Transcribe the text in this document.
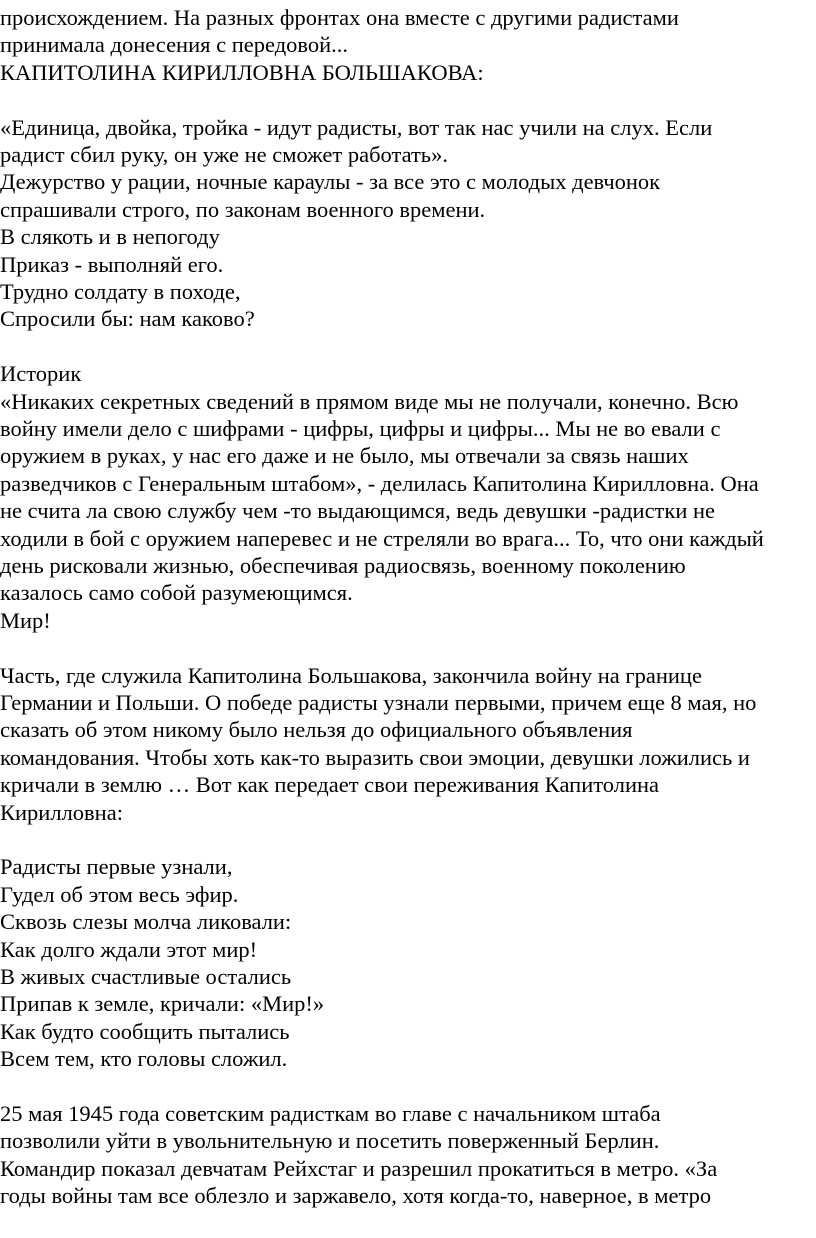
происхождением. На разных фронтах она вместе с другими радистами
принимала донесения с передовой...
КАПИТОЛИНА КИРИЛЛОВНА БОЛЬШАКОВА:
«Единица, двойка, тройка - идут радисты, вот так нас учили на слух. Если
радист сбил руку, он уже не сможет работать».
Дежурство у рации, ночные караулы - за все это с молодых девчонок
спрашивали строго, по законам военного времени.
В слякоть и в непогоду
Приказ - выполняй его.
Трудно солдату в походе,
Спросили бы: нам каково?
Историк
«Никаких секретных сведений в прямом виде мы не получали, конечно. Всю
войну имели дело с шифрами - цифры, цифры и цифры... Мы не во евали с
оружием в руках, у нас его даже и не было, мы отвечали за связь наших
разведчиков с Генеральным штабом», - делилась Капитолина Кирилловна. Она
не счита ла свою службу чем -то выдающимся, ведь девушки -радистки не
ходили в бой с оружием наперевес и не стреляли во врага... То, что они каждый
день рисковали жизнью, обеспечивая радиосвязь, военному поколению
казалось само собой разумеющимся.
Мир!
Часть, где служила Капитолина Большакова, закончила войну на границе
Германии и Польши. О победе радисты узнали первыми, причем еще 8 мая, но
сказать об этом никому было нельзя до официального объявления
командования. Чтобы хоть как-то выразить свои эмоции, девушки ложились и
кричали в землю … Вот как передает свои переживания Капитолина
Кирилловна:
Радисты первые узнали,
Гудел об этом весь эфир.
Сквозь слезы молча ликовали:
Как долго ждали этот мир!
В живых счастливые остались
Припав к земле, кричали: «Мир!»
Как будто сообщить пытались
Всем тем, кто головы сложил.
25 мая 1945 года советским радисткам во главе с начальником штаба
позволили уйти в увольнительную и посетить поверженный Берлин.
Командир показал девчатам Рейхстаг и разрешил прокатиться в метро. «За
годы войны там все облезло и заржавело, хотя когда-то, наверное, в метро
